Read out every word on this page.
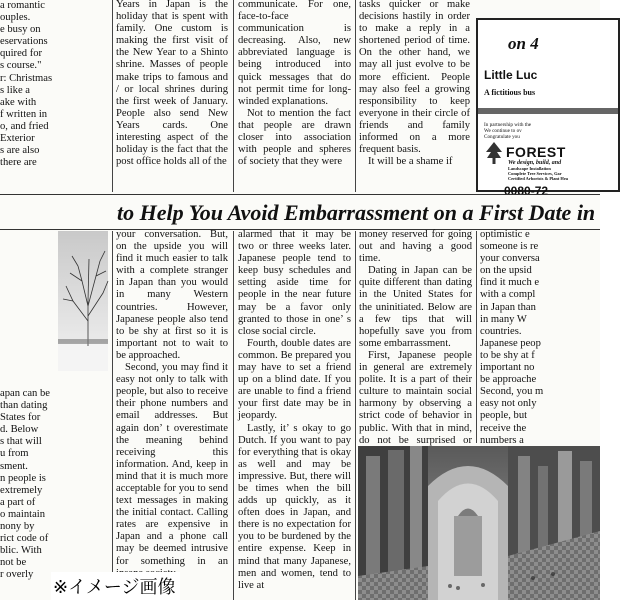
a romantic

ouples.

e busy on

eservations

quired for

s course."

r: Christmas

s like a

ake with

f written in

o, and fried

Exterior

s are also

there are

Years in Japan is the holiday that is spent with family. One custom is making the first visit of the New Year to a Shinto shrine. Masses of people make trips to famous and / or local shrines during the first week of January. People also send New Years cards. One interesting aspect of the holiday is the fact that the post office holds all of the

communicate. For one, face-to-face communication is decreasing. Also, new abbreviated language is being introduced into quick messages that do not permit time for long-winded explanations.

Not to mention the fact that people are drawn closer into association with people and spheres of society that they were

tasks quicker or make decisions hastily in order to make a reply in a shortened period of time. On the other hand, we may all just evolve to be more efficient. People may also feel a growing responsibility to keep everyone in their circle of friends and family informed on a more frequent basis.

It will be a shame if

on 4
Little Luc
A fictitious bus
In partnership with the
We continue to ov
Congratulate you
FOREST
We design, build, and
Landscape Installation
Complete Tree Services, Gar
Certified Arborists & Plant Hea
0080-72
to Help You Avoid Embarrassment on a First Date in

apan can be

than dating

States for

d. Below

s that will

u from

sment.

n people is

extremely

a part of

o maintain

nony by

rict code of

blic. With

not be

r overly

your conversation. But, on the upside you will find it much easier to talk with a complete stranger in Japan than you would in many Western countries. However, Japanese people also tend to be shy at first so it is important not to wait to be approached.

Second, you may find it easy not only to talk with people, but also to receive their phone numbers and email addresses. But again don’ t overestimate the meaning behind receiving this information. And, keep in mind that it is much more acceptable for you to send text messages in making the initial contact. Calling rates are expensive in Japan and a phone call may be deemed intrusive for something in an

alarmed that it may be two or three weeks later. Japanese people tend to keep busy schedules and setting aside time for people in the near future may be a favor only granted to those in one’ s close social circle.

Fourth, double dates are common. Be prepared you may have to set a friend up on a blind date. If you are unable to find a friend your first date may be in jeopardy.

Lastly, it’ s okay to go Dutch. If you want to pay for everything that is okay as well and may be impressive. But, there will be times when the bill adds up quickly, as it often does in Japan, and there is no expectation for you to be burdened by the entire expense. Keep in mind that many Japanese, men and women, tend to live at

money reserved for going out and having a good time.

Dating in Japan can be quite different than dating in the United States for the uninitiated. Below are a few tips that will hopefully save you from some embarrassment.

First, Japanese people in general are extremely polite. It is a part of their culture to maintain social harmony by observing a strict code of behavior in public. With that in mind, do not be surprised or

optimistic e

someone is re

your conversa

on the upsid

find it much e

with a compl

in Japan than

in many W

countries.

Japanese peop

to be shy at f

important no

be approache

Second, you m

easy not only

people, but

receive the

numbers a

※イメージ画像
